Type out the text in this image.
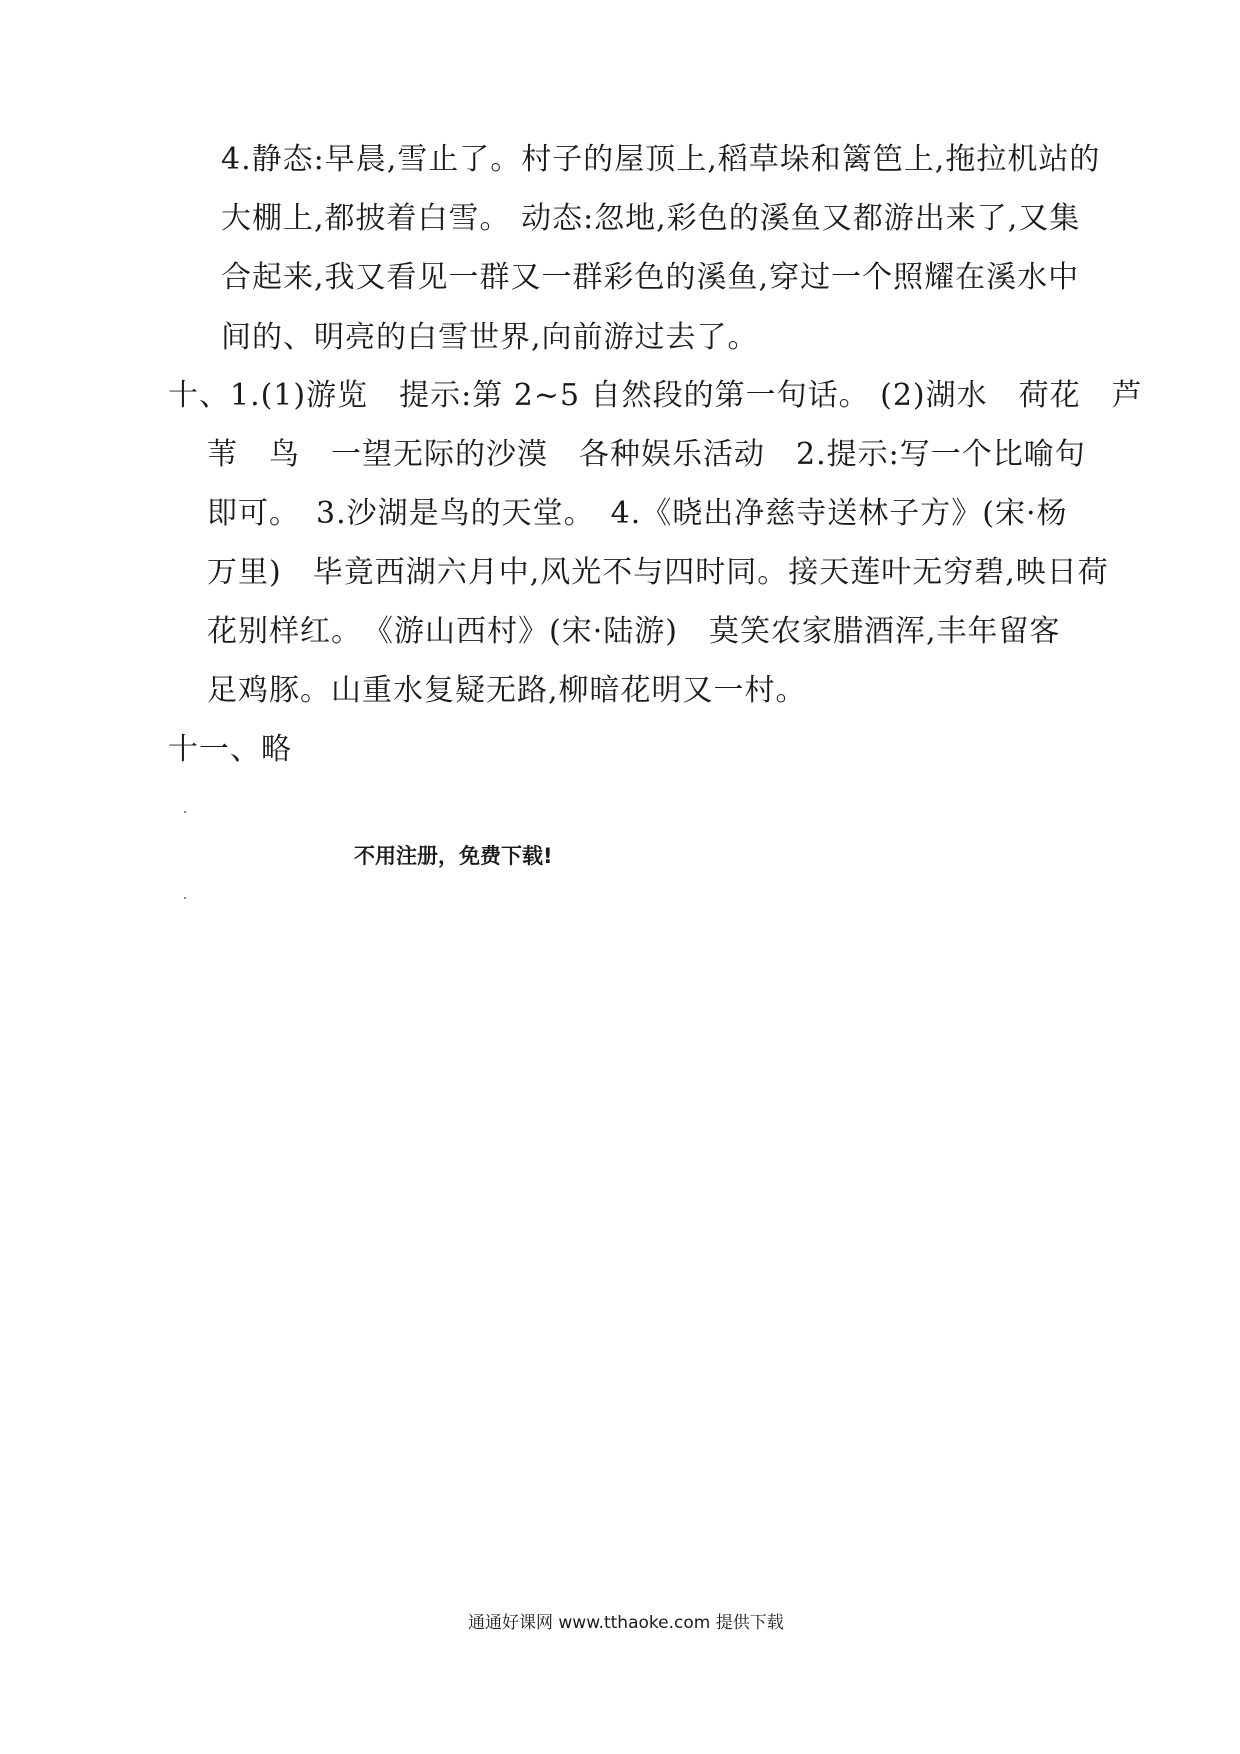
4.静态:早晨,雪止了。村子的屋顶上,稻草垛和篱笆上,拖拉机站的
大棚上,都披着白雪。 动态:忽地,彩色的溪鱼又都游出来了,又集
合起来,我又看见一群又一群彩色的溪鱼,穿过一个照耀在溪水中
间的、明亮的白雪世界,向前游过去了。
十、1.(1)游览　提示:第 2~5 自然段的第一句话。 (2)湖水　荷花　芦
苇　鸟　一望无际的沙漠　各种娱乐活动　2.提示:写一个比喻句
即可。　3.沙湖是鸟的天堂。　4.《晓出净慈寺送林子方》(宋·杨
万里)　毕竟西湖六月中,风光不与四时同。接天莲叶无穷碧,映日荷
花别样红。　《游山西村》(宋·陆游)　莫笑农家腊酒浑,丰年留客
足鸡豚。山重水复疑无路,柳暗花明又一村。
十一、略
不用注册，免费下载!
通通好课网 www.tthaoke.com 提供下载
